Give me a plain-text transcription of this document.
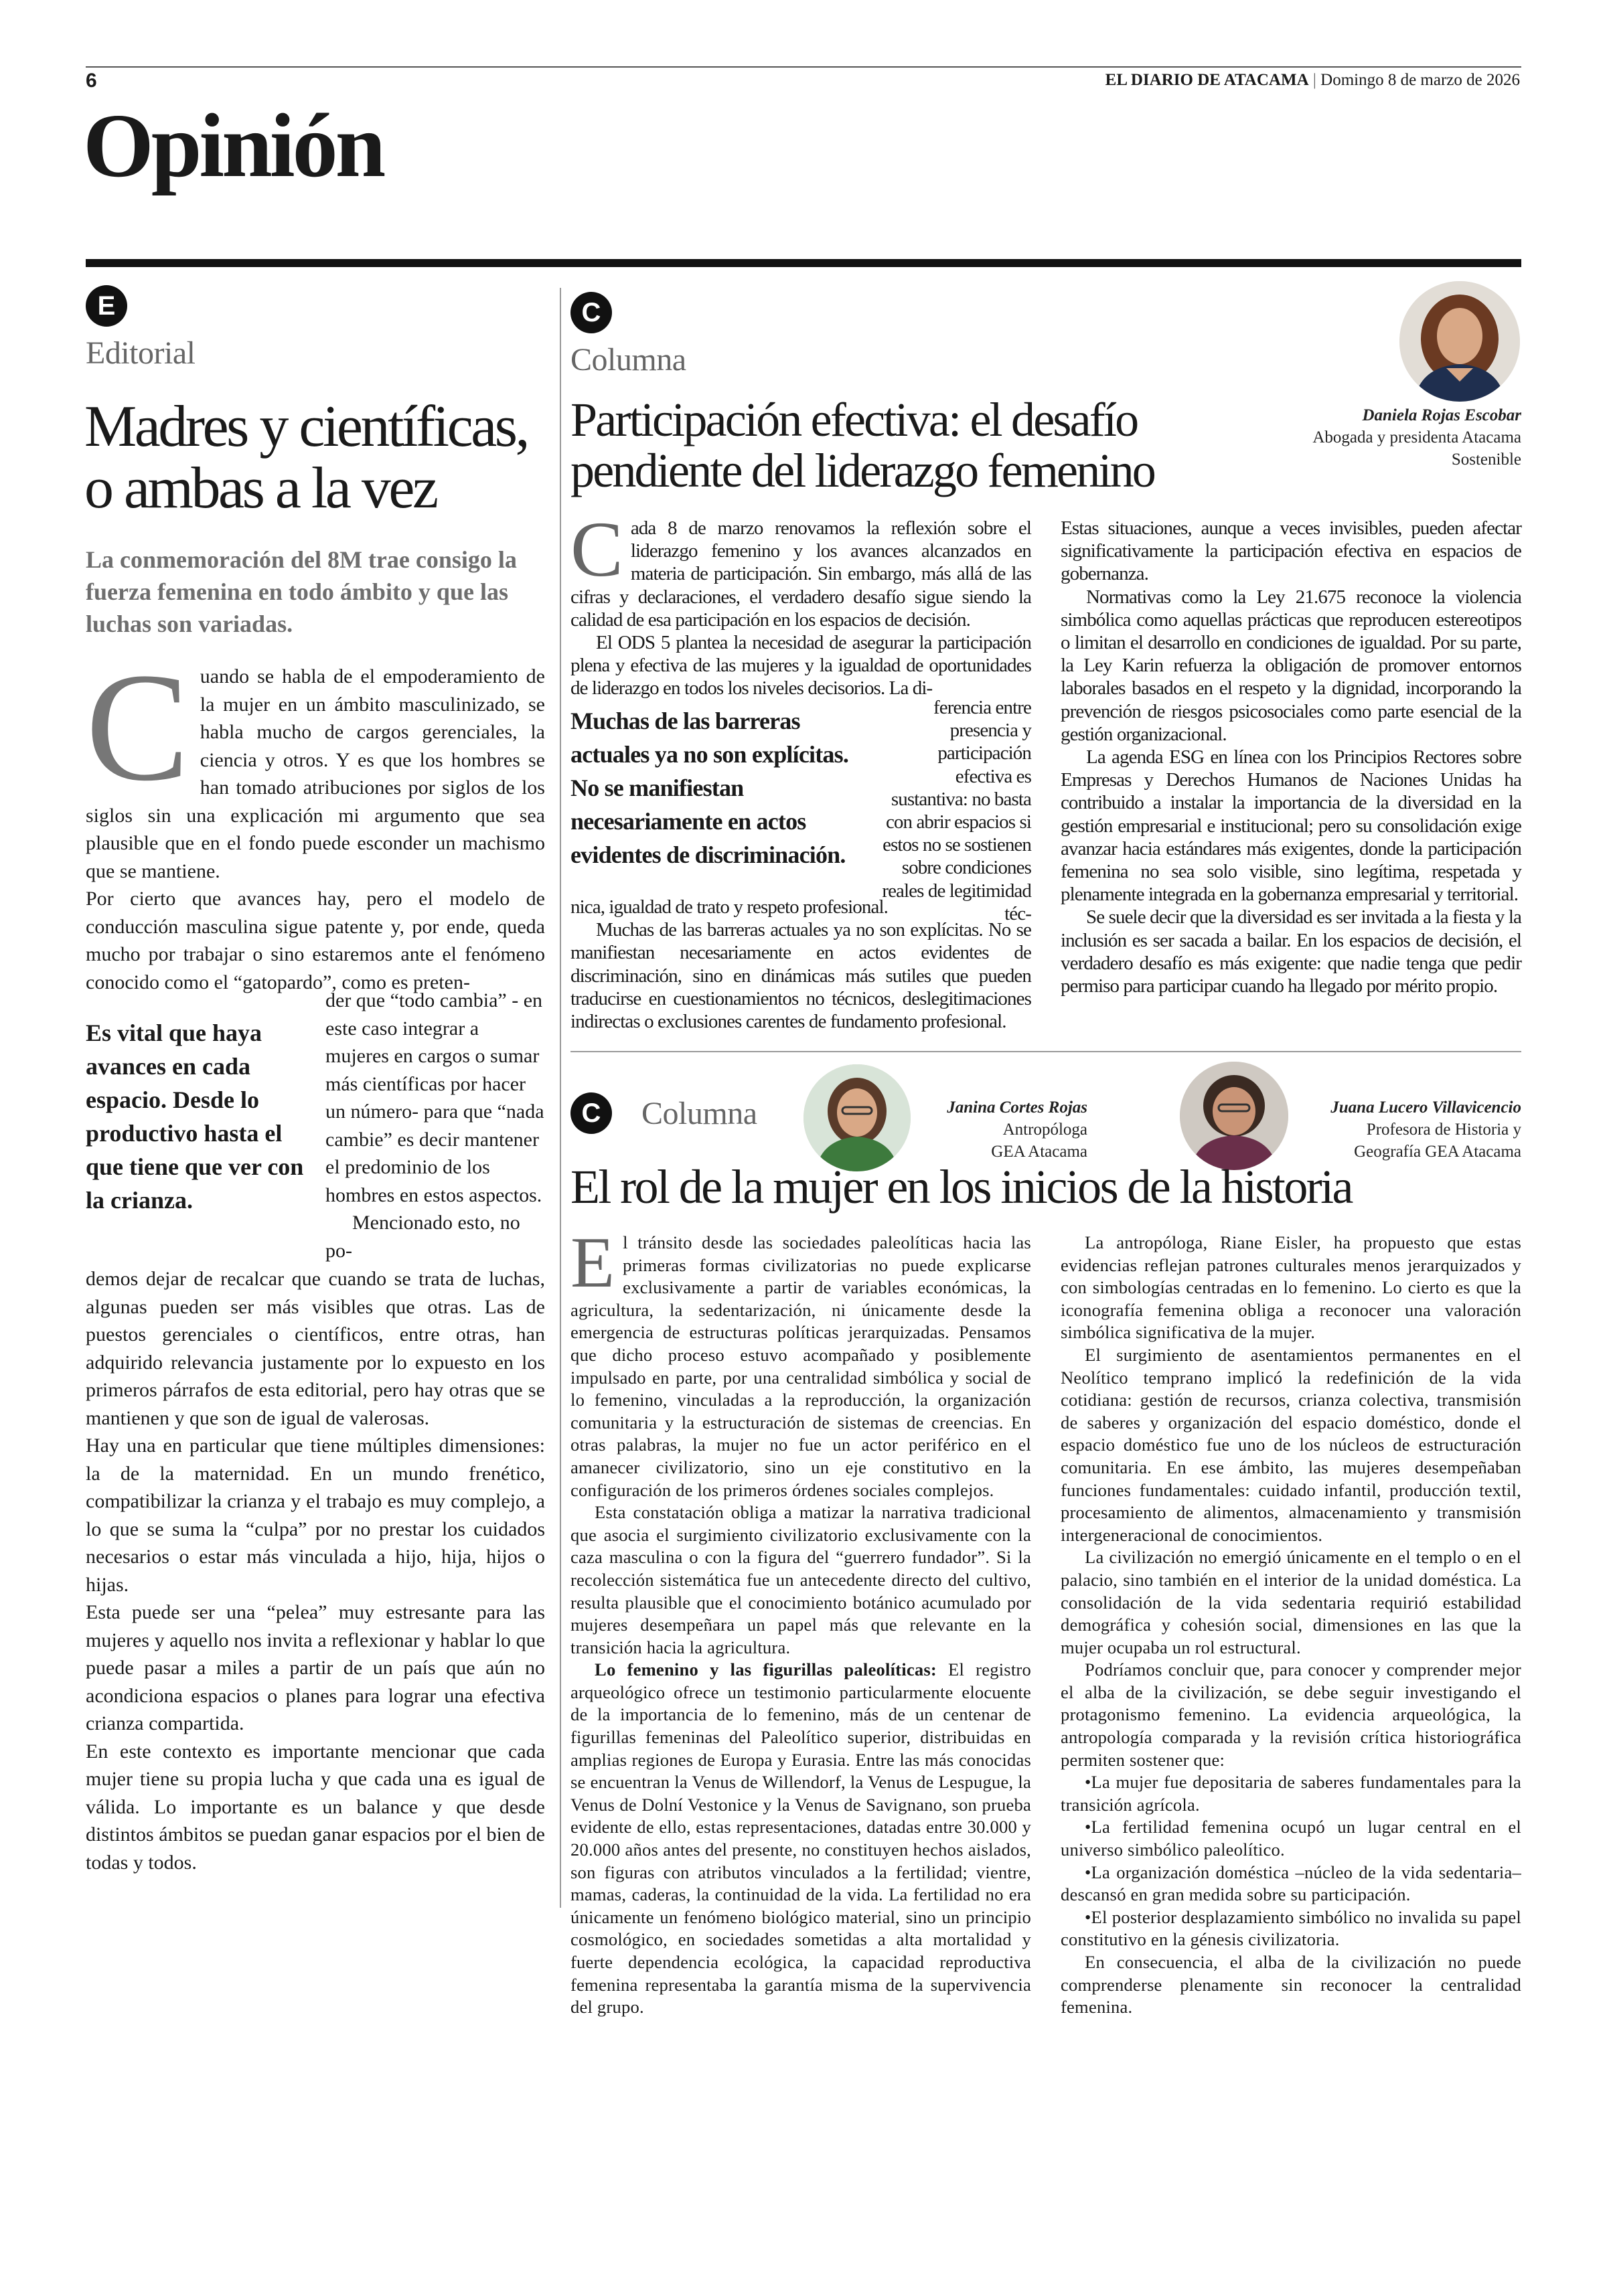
6	EL DIARIO DE ATACAMA | Domingo 8 de marzo de 2026
Opinión
E
Editorial
Madres y científicas,
o ambas a la vez
La conmemoración del 8M trae consigo la fuerza femenina en todo ámbito y que las luchas son variadas.
C uando se habla de el empoderamiento de la mujer en un ámbito masculinizado, se habla mucho de cargos gerenciales, la ciencia y otros. Y es que los hombres se han tomado atribuciones por siglos de los siglos sin una explicación mi argumento que sea plausible que en el fondo puede esconder un machismo que se mantiene.

Por cierto que avances hay, pero el modelo de conducción masculina sigue patente y, por ende, queda mucho por trabajar o sino estaremos ante el fenómeno conocido como el “gatopardo”, como es preten-

Es vital que haya avances en cada espacio. Desde lo productivo hasta el que tiene que ver con la crianza.

der que “todo cambia” - en este caso integrar a mujeres en cargos o sumar más científicas por hacer un número- para que “nada cambie” es decir mantener el predominio de los hombres en estos aspectos.

Mencionado esto, no po-

demos dejar de recalcar que cuando se trata de luchas, algunas pueden ser más visibles que otras. Las de puestos gerenciales o científicos, entre otras, han adquirido relevancia justamente por lo expuesto en los primeros párrafos de esta editorial, pero hay otras que se mantienen y que son de igual de valerosas.

Hay una en particular que tiene múltiples dimensiones: la de la maternidad. En un mundo frenético, compatibilizar la crianza y el trabajo es muy complejo, a lo que se suma la “culpa” por no prestar los cuidados necesarios o estar más vinculada a hijo, hija, hijos o hijas.

Esta puede ser una “pelea” muy estresante para las mujeres y aquello nos invita a reflexionar y hablar lo que puede pasar a miles a partir de un país que aún no acondiciona espacios o planes para lograr una efectiva crianza compartida.

En este contexto es importante mencionar que cada mujer tiene su propia lucha y que cada una es igual de válida. Lo importante es un balance y que desde distintos ámbitos se puedan ganar espacios por el bien de todas y todos.

C
Columna
Daniela Rojas Escobar
Abogada y presidenta Atacama
Sostenible
Participación efectiva: el desafío
pendiente del liderazgo femenino
C ada 8 de marzo renovamos la reflexión sobre el liderazgo femenino y los avances alcanzados en materia de participación. Sin embargo, más allá de las cifras y declaraciones, el verdadero desafío sigue siendo la calidad de esa participación en los espacios de decisión.

El ODS 5 plantea la necesidad de asegurar la participación plena y efectiva de las mujeres y la igualdad de oportunidades de liderazgo en todos los niveles decisorios. La di-

Muchas de las barreras actuales ya no son explícitas. No se manifiestan necesariamente en actos evidentes de discriminación.

ferencia entre presencia y participación efectiva es sustantiva: no basta con abrir espacios si estos no se sostienen sobre condiciones reales de legitimidad téc-

nica, igualdad de trato y respeto profesional.

Muchas de las barreras actuales ya no son explícitas. No se manifiestan necesariamente en actos evidentes de discriminación, sino en dinámicas más sutiles que pueden traducirse en cuestionamientos no técnicos, deslegitimaciones indirectas o exclusiones carentes de fundamento profesional.

Estas situaciones, aunque a veces invisibles, pueden afectar significativamente la participación efectiva en espacios de gobernanza.

Normativas como la Ley 21.675 reconoce la violencia simbólica como aquellas prácticas que reproducen estereotipos o limitan el desarrollo en condiciones de igualdad. Por su parte, la Ley Karin refuerza la obligación de promover entornos laborales basados en el respeto y la dignidad, incorporando la prevención de riesgos psicosociales como parte esencial de la gestión organizacional.

La agenda ESG en línea con los Principios Rectores sobre Empresas y Derechos Humanos de Naciones Unidas ha contribuido a instalar la importancia de la diversidad en la gestión empresarial e institucional; pero su consolidación exige avanzar hacia estándares más exigentes, donde la participación femenina no sea solo visible, sino legítima, respetada y plenamente integrada en la gobernanza empresarial y territorial.

Se suele decir que la diversidad es ser invitada a la fiesta y la inclusión es ser sacada a bailar. En los espacios de decisión, el verdadero desafío es más exigente: que nadie tenga que pedir permiso para participar cuando ha llegado por mérito propio.

C	Columna	Janina Cortes Rojas
Antropóloga
GEA Atacama
Juana Lucero Villavicencio
Profesora de Historia y
Geografía GEA Atacama
El rol de la mujer en los inicios de la historia
E l tránsito desde las sociedades paleolíticas hacia las primeras formas civilizatorias no puede explicarse exclusivamente a partir de variables económicas, la agricultura, la sedentarización, ni únicamente desde la emergencia de estructuras políticas jerarquizadas. Pensamos que dicho proceso estuvo acompañado y posiblemente impulsado en parte, por una centralidad simbólica y social de lo femenino, vinculadas a la reproducción, la organización comunitaria y la estructuración de sistemas de creencias. En otras palabras, la mujer no fue un actor periférico en el amanecer civilizatorio, sino un eje constitutivo en la configuración de los primeros órdenes sociales complejos.

Esta constatación obliga a matizar la narrativa tradicional que asocia el surgimiento civilizatorio exclusivamente con la caza masculina o con la figura del “guerrero fundador”. Si la recolección sistemática fue un antecedente directo del cultivo, resulta plausible que el conocimiento botánico acumulado por mujeres desempeñara un papel más que relevante en la transición hacia la agricultura.

Lo femenino y las figurillas paleolíticas: El registro arqueológico ofrece un testimonio particularmente elocuente de la importancia de lo femenino, más de un centenar de figurillas femeninas del Paleolítico superior, distribuidas en amplias regiones de Europa y Eurasia. Entre las más conocidas se encuentran la Venus de Willendorf, la Venus de Lespugue, la Venus de Dolní Vestonice y la Venus de Savignano, son prueba evidente de ello, estas representaciones, datadas entre 30.000 y 20.000 años antes del presente, no constituyen hechos aislados, son figuras con atributos vinculados a la fertilidad; vientre, mamas, caderas, la continuidad de la vida. La fertilidad no era únicamente un fenómeno biológico material, sino un principio cosmológico, en sociedades sometidas a alta mortalidad y fuerte dependencia ecológica, la capacidad reproductiva femenina representaba la garantía misma de la supervivencia del grupo.

La antropóloga, Riane Eisler, ha propuesto que estas evidencias reflejan patrones culturales menos jerarquizados y con simbologías centradas en lo femenino. Lo cierto es que la iconografía femenina obliga a reconocer una valoración simbólica significativa de la mujer.

El surgimiento de asentamientos permanentes en el Neolítico temprano implicó la redefinición de la vida cotidiana: gestión de recursos, crianza colectiva, transmisión de saberes y organización del espacio doméstico, donde el espacio doméstico fue uno de los núcleos de estructuración comunitaria. En ese ámbito, las mujeres desempeñaban funciones fundamentales: cuidado infantil, producción textil, procesamiento de alimentos, almacenamiento y transmisión intergeneracional de conocimientos.

La civilización no emergió únicamente en el templo o en el palacio, sino también en el interior de la unidad doméstica. La consolidación de la vida sedentaria requirió estabilidad demográfica y cohesión social, dimensiones en las que la mujer ocupaba un rol estructural.

Podríamos concluir que, para conocer y comprender mejor el alba de la civilización, se debe seguir investigando el protagonismo femenino. La evidencia arqueológica, la antropología comparada y la revisión crítica historiográfica permiten sostener que:

•La mujer fue depositaria de saberes fundamentales para la transición agrícola.

•La fertilidad femenina ocupó un lugar central en el universo simbólico paleolítico.

•La organización doméstica –núcleo de la vida sedentaria– descansó en gran medida sobre su participación.

•El posterior desplazamiento simbólico no invalida su papel constitutivo en la génesis civilizatoria.

En consecuencia, el alba de la civilización no puede comprenderse plenamente sin reconocer la centralidad femenina.
